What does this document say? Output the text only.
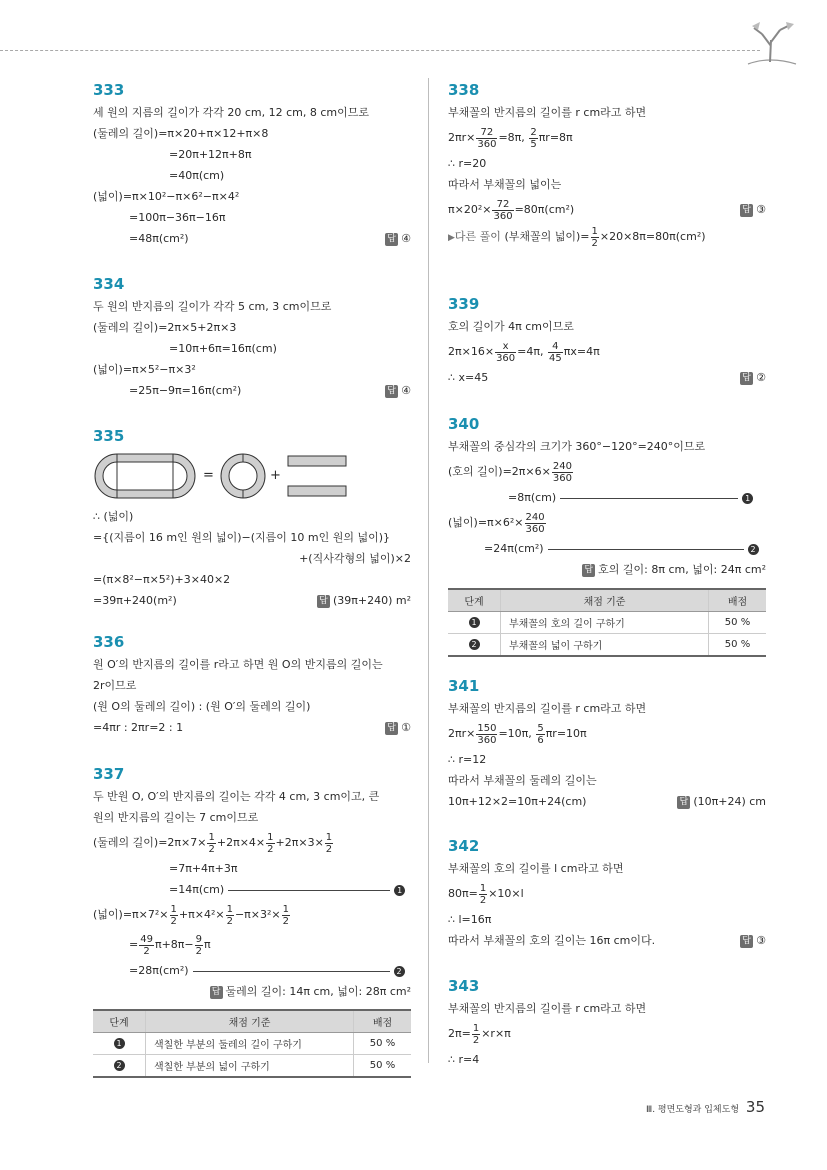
333
세 원의 지름의 길이가 각각 20 cm, 12 cm, 8 cm이므로
(둘레의 길이)=π×20+π×12+π×8
=20π+12π+8π
=40π(cm)
(넓이)=π×10²−π×6²−π×4²
=100π−36π−16π
=48π(cm²)	답 ④
334
두 원의 반지름의 길이가 각각 5 cm, 3 cm이므로
(둘레의 길이)=2π×5+2π×3
=10π+6π=16π(cm)
(넓이)=π×5²−π×3²
=25π−9π=16π(cm²)	답 ④
335
=	+
∴ (넓이)
={(지름이 16 m인 원의 넓이)−(지름이 10 m인 원의 넓이)}
+(직사각형의 넓이)×2
=(π×8²−π×5²)+3×40×2
=39π+240(m²)	답 (39π+240) m²
336
원 O′의 반지름의 길이를 r라고 하면 원 O의 반지름의 길이는
2r이므로
(원 O의 둘레의 길이) : (원 O′의 둘레의 길이)
=4πr : 2πr=2 : 1	답 ①
337
두 반원 O, O′의 반지름의 길이는 각각 4 cm, 3 cm이고, 큰
원의 반지름의 길이는 7 cm이므로
(둘레의 길이)$=2\pi\times 7\times \frac{1}{2} +2\pi\times 4\times \frac{1}{2} +2\pi\times 3\times \frac{1}{2}$
=7π+4π+3π
=14π(cm)	1
(넓이)$=\pi\times 7^2\times \frac{1}{2} +\pi\times 4^2\times \frac{1}{2} -\pi\times 3^2\times \frac{1}{2}$
= $\frac{49}{2} \pi+8\pi- \frac{9}{2}$ π
=28π(cm²)	2
답 둘레의 길이: 14π cm, 넓이: 28π cm²
단계	채점 기준	배점
1	색칠한 부분의 둘레의 길이 구하기	50 %
2	색칠한 부분의 넓이 구하기	50 %
338
부채꼴의 반지름의 길이를 r cm라고 하면
$2\pi r\times \frac{72}{360} =8\pi$, $\frac{2}{5} \pi r=8\pi$
∴ r=20
따라서 부채꼴의 넓이는
$\pi\times 20^2\times \frac{72}{360} =80\pi(cm^2)$	답 ③
▶다른 풀이 (부채꼴의 넓이)= $\frac{1}{2} \times 20\times 8\pi=80\pi(cm^2)$
339
호의 길이가 4π cm이므로
$2\pi\times 16\times \frac{x}{360} =4\pi$, $\frac{4}{45} \pi x=4\pi$
∴ x=45	답 ②
340
부채꼴의 중심각의 크기가 360°−120°=240°이므로
(호의 길이)$=2\pi\times 6\times \frac{240}{360}$
=8π(cm)	1
(넓이)$=\pi\times 6^2\times \frac{240}{360}$
=24π(cm²)	2
답 호의 길이: 8π cm, 넓이: 24π cm²
단계	채점 기준	배점
1	부채꼴의 호의 길이 구하기	50 %
2	부채꼴의 넓이 구하기	50 %
341
부채꼴의 반지름의 길이를 r cm라고 하면
$2\pi r\times \frac{150}{360} =10\pi$, $\frac{5}{6} \pi r=10\pi$
∴ r=12
따라서 부채꼴의 둘레의 길이는
10π+12×2=10π+24(cm)	답 (10π+24) cm
342
부채꼴의 호의 길이를 l cm라고 하면
$80\pi= \frac{1}{2} \times 10\times l$
∴ l=16π
따라서 부채꼴의 호의 길이는 16π cm이다.	답 ③
343
부채꼴의 반지름의 길이를 r cm라고 하면
$2\pi= \frac{1}{2} \times r\times\pi$
∴ r=4
Ⅲ. 평면도형과 입체도형 35
